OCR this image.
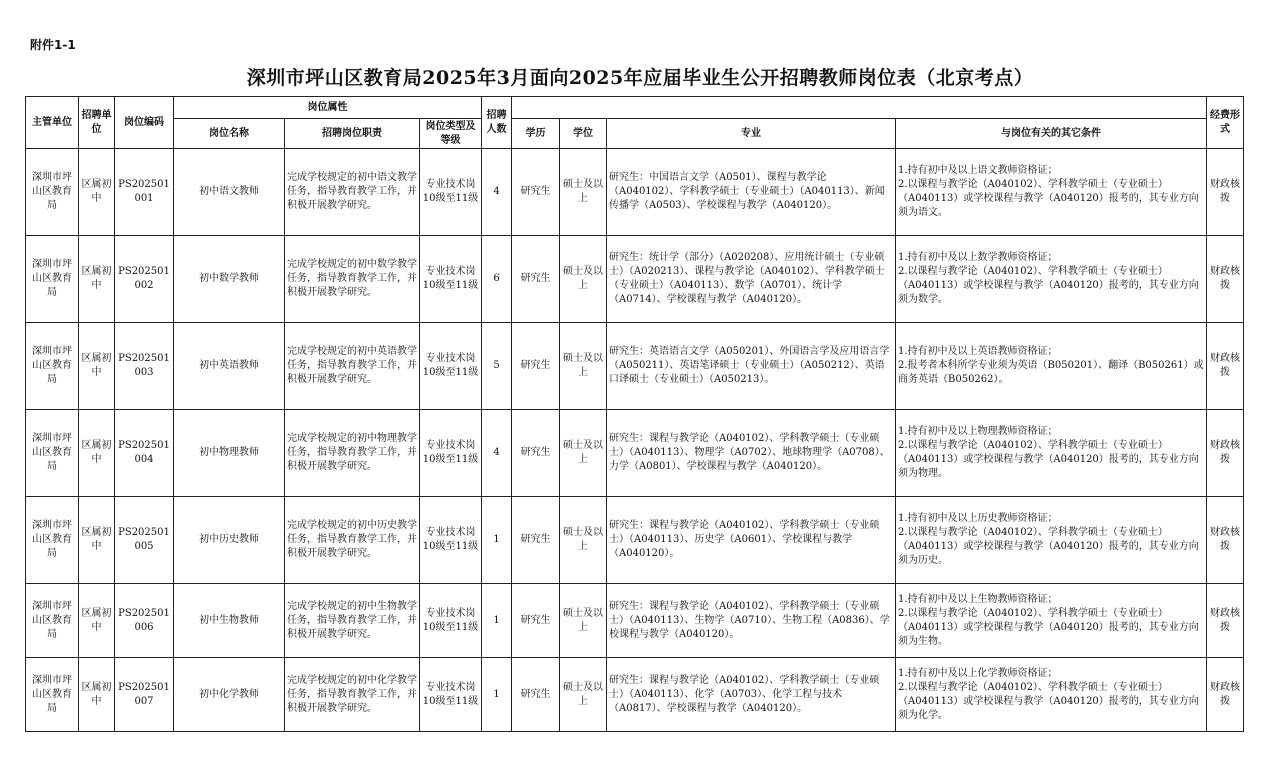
附件1-1
深圳市坪山区教育局2025年3月面向2025年应届毕业生公开招聘教师岗位表（北京考点）
主管单位	招聘单位	岗位编码	岗位属性			招聘人数					经费形式
			岗位名称	招聘岗位职责	岗位类型及等级		学历	学位	专业	与岗位有关的其它条件	
深圳市坪山区教育局	区属初中	PS202501001	初中语文教师	完成学校规定的初中语文教学任务，指导教育教学工作，并积极开展教学研究。	专业技术岗10级至11级	4	研究生	硕士及以上	研究生：中国语言文学（A0501）、课程与教学论（A040102）、学科教学硕士（专业硕士）（A040113）、新闻传播学（A0503）、学校课程与教学（A040120）。	1.持有初中及以上语文教师资格证；
2.以课程与教学论（A040102）、学科教学硕士（专业硕士）（A040113）或学校课程与教学（A040120）报考的，其专业方向须为语文。	财政核拨
深圳市坪山区教育局	区属初中	PS202501002	初中数学教师	完成学校规定的初中数学教学任务，指导教育教学工作，并积极开展教学研究。	专业技术岗10级至11级	6	研究生	硕士及以上	研究生：统计学（部分）（A020208）、应用统计硕士（专业硕士）（A020213）、课程与教学论（A040102）、学科教学硕士（专业硕士）（A040113）、数学（A0701）、统计学（A0714）、学校课程与教学（A040120）。	1.持有初中及以上数学教师资格证；
2.以课程与教学论（A040102）、学科教学硕士（专业硕士）（A040113）或学校课程与教学（A040120）报考的，其专业方向须为数学。	财政核拨
深圳市坪山区教育局	区属初中	PS202501003	初中英语教师	完成学校规定的初中英语教学任务，指导教育教学工作，并积极开展教学研究。	专业技术岗10级至11级	5	研究生	硕士及以上	研究生：英语语言文学（A050201）、外国语言学及应用语言学（A050211）、英语笔译硕士（专业硕士）（A050212）、英语口译硕士（专业硕士）（A050213）。	1.持有初中及以上英语教师资格证；
2.报考者本科所学专业须为英语（B050201）、翻译（B050261）或商务英语（B050262）。	财政核拨
深圳市坪山区教育局	区属初中	PS202501004	初中物理教师	完成学校规定的初中物理教学任务，指导教育教学工作，并积极开展教学研究。	专业技术岗10级至11级	4	研究生	硕士及以上	研究生：课程与教学论（A040102）、学科教学硕士（专业硕士）（A040113）、物理学（A0702）、地球物理学（A0708）、力学（A0801）、学校课程与教学（A040120）。	1.持有初中及以上物理教师资格证；
2.以课程与教学论（A040102）、学科教学硕士（专业硕士）（A040113）或学校课程与教学（A040120）报考的，其专业方向须为物理。	财政核拨
深圳市坪山区教育局	区属初中	PS202501005	初中历史教师	完成学校规定的初中历史教学任务，指导教育教学工作，并积极开展教学研究。	专业技术岗10级至11级	1	研究生	硕士及以上	研究生：课程与教学论（A040102）、学科教学硕士（专业硕士）（A040113）、历史学（A0601）、学校课程与教学（A040120）。	1.持有初中及以上历史教师资格证；
2.以课程与教学论（A040102）、学科教学硕士（专业硕士）（A040113）或学校课程与教学（A040120）报考的，其专业方向须为历史。	财政核拨
深圳市坪山区教育局	区属初中	PS202501006	初中生物教师	完成学校规定的初中生物教学任务，指导教育教学工作，并积极开展教学研究。	专业技术岗10级至11级	1	研究生	硕士及以上	研究生：课程与教学论（A040102）、学科教学硕士（专业硕士）（A040113）、生物学（A0710）、生物工程（A0836）、学校课程与教学（A040120）。	1.持有初中及以上生物教师资格证；
2.以课程与教学论（A040102）、学科教学硕士（专业硕士）（A040113）或学校课程与教学（A040120）报考的，其专业方向须为生物。	财政核拨
深圳市坪山区教育局	区属初中	PS202501007	初中化学教师	完成学校规定的初中化学教学任务，指导教育教学工作，并积极开展教学研究。	专业技术岗10级至11级	1	研究生	硕士及以上	研究生：课程与教学论（A040102）、学科教学硕士（专业硕士）（A040113）、化学（A0703）、化学工程与技术（A0817）、学校课程与教学（A040120）。	1.持有初中及以上化学教师资格证；
2.以课程与教学论（A040102）、学科教学硕士（专业硕士）（A040113）或学校课程与教学（A040120）报考的，其专业方向须为化学。	财政核拨
